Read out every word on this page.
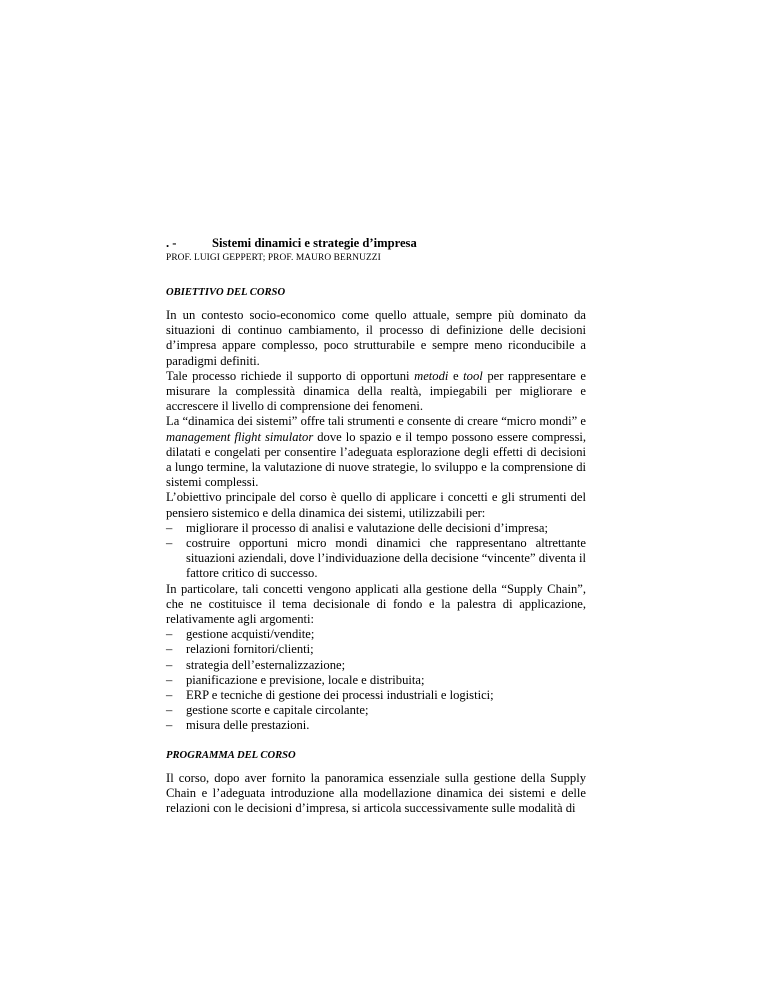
. -	Sistemi dinamici e strategie d’impresa
PROF. LUIGI GEPPERT; PROF. MAURO BERNUZZI
OBIETTIVO DEL CORSO

In un contesto socio-economico come quello attuale, sempre più dominato da situazioni di continuo cambiamento, il processo di definizione delle decisioni d’impresa appare complesso, poco strutturabile e sempre meno riconducibile a paradigmi definiti.

Tale processo richiede il supporto di opportuni metodi e tool per rappresentare e misurare la complessità dinamica della realtà, impiegabili per migliorare e accrescere il livello di comprensione dei fenomeni.

La “dinamica dei sistemi” offre tali strumenti e consente di creare “micro mondi” e management flight simulator dove lo spazio e il tempo possono essere compressi, dilatati e congelati per consentire l’adeguata esplorazione degli effetti di decisioni a lungo termine, la valutazione di nuove strategie, lo sviluppo e la comprensione di sistemi complessi.

L’obiettivo principale del corso è quello di applicare i concetti e gli strumenti del pensiero sistemico e della dinamica dei sistemi, utilizzabili per:

– migliorare il processo di analisi e valutazione delle decisioni d’impresa;
– costruire opportuni micro mondi dinamici che rappresentano altrettante situazioni aziendali, dove l’individuazione della decisione “vincente” diventa il fattore critico di successo.

In particolare, tali concetti vengono applicati alla gestione della “Supply Chain”, che ne costituisce il tema decisionale di fondo e la palestra di applicazione, relativamente agli argomenti:

– gestione acquisti/vendite;
– relazioni fornitori/clienti;
– strategia dell’esternalizzazione;
– pianificazione e previsione, locale e distribuita;
– ERP e tecniche di gestione dei processi industriali e logistici;
– gestione scorte e capitale circolante;
– misura delle prestazioni.
PROGRAMMA DEL CORSO

Il corso, dopo aver fornito la panoramica essenziale sulla gestione della Supply Chain e l’adeguata introduzione alla modellazione dinamica dei sistemi e delle relazioni con le decisioni d’impresa, si articola successivamente sulle modalità di
